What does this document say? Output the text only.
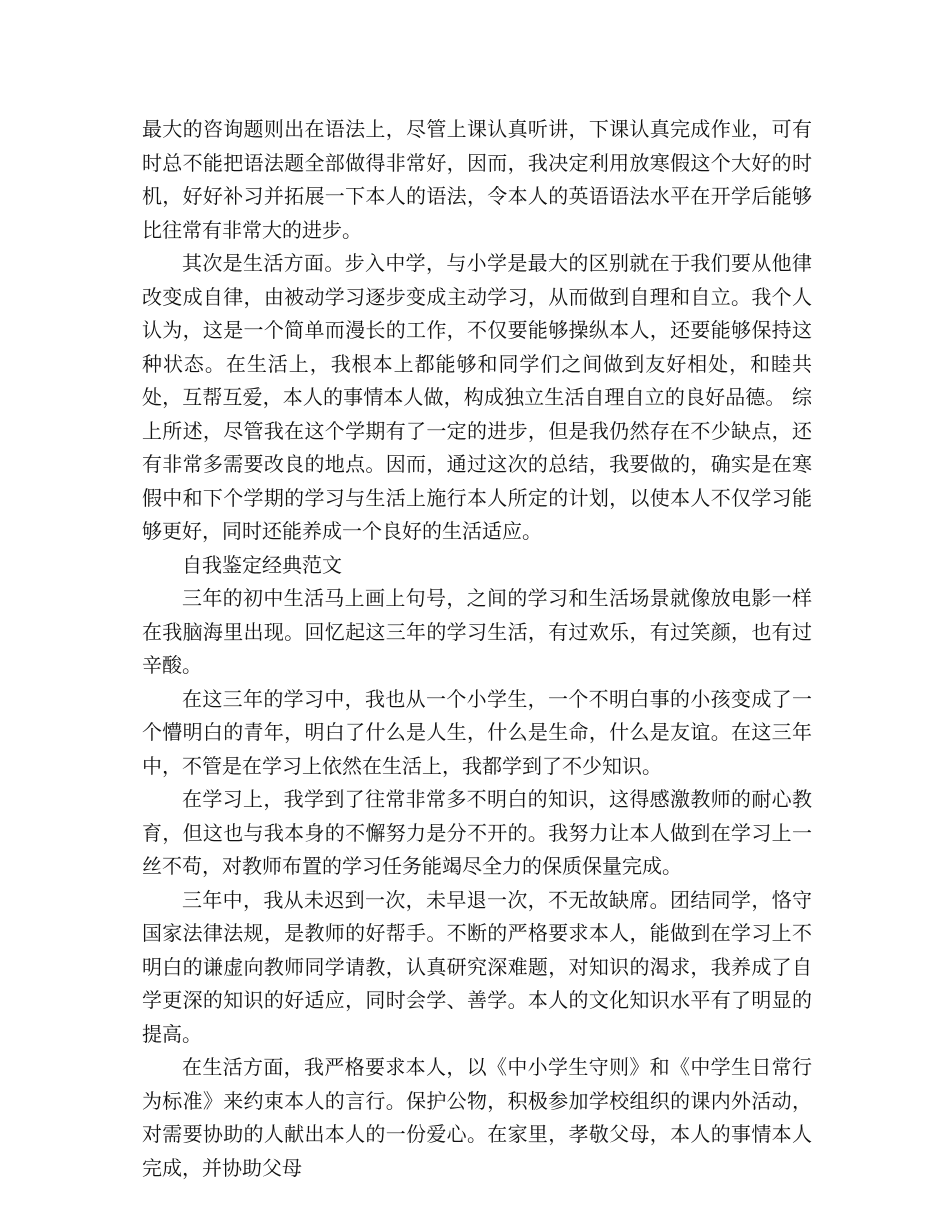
最大的咨询题则出在语法上，尽管上课认真听讲，下课认真完成作业，可有时总不能把语法题全部做得非常好，因而，我决定利用放寒假这个大好的时机，好好补习并拓展一下本人的语法，令本人的英语语法水平在开学后能够比往常有非常大的进步。

其次是生活方面。步入中学，与小学是最大的区别就在于我们要从他律改变成自律，由被动学习逐步变成主动学习，从而做到自理和自立。我个人认为，这是一个简单而漫长的工作，不仅要能够操纵本人，还要能够保持这种状态。在生活上，我根本上都能够和同学们之间做到友好相处，和睦共处，互帮互爱，本人的事情本人做，构成独立生活自理自立的良好品德。 综上所述，尽管我在这个学期有了一定的进步，但是我仍然存在不少缺点，还有非常多需要改良的地点。因而，通过这次的总结，我要做的，确实是在寒假中和下个学期的学习与生活上施行本人所定的计划，以使本人不仅学习能够更好，同时还能养成一个良好的生活适应。

自我鉴定经典范文

三年的初中生活马上画上句号，之间的学习和生活场景就像放电影一样在我脑海里出现。回忆起这三年的学习生活，有过欢乐，有过笑颜，也有过辛酸。

在这三年的学习中，我也从一个小学生，一个不明白事的小孩变成了一个懵明白的青年，明白了什么是人生，什么是生命，什么是友谊。在这三年中，不管是在学习上依然在生活上，我都学到了不少知识。

在学习上，我学到了往常非常多不明白的知识，这得感激教师的耐心教育，但这也与我本身的不懈努力是分不开的。我努力让本人做到在学习上一丝不苟，对教师布置的学习任务能竭尽全力的保质保量完成。

三年中，我从未迟到一次，未早退一次，不无故缺席。团结同学，恪守国家法律法规，是教师的好帮手。不断的严格要求本人，能做到在学习上不明白的谦虚向教师同学请教，认真研究深难题，对知识的渴求，我养成了自学更深的知识的好适应，同时会学、善学。本人的文化知识水平有了明显的提高。

在生活方面，我严格要求本人，以《中小学生守则》和《中学生日常行为标准》来约束本人的言行。保护公物，积极参加学校组织的课内外活动，对需要协助的人献出本人的一份爱心。在家里，孝敬父母，本人的事情本人完成，并协助父母
